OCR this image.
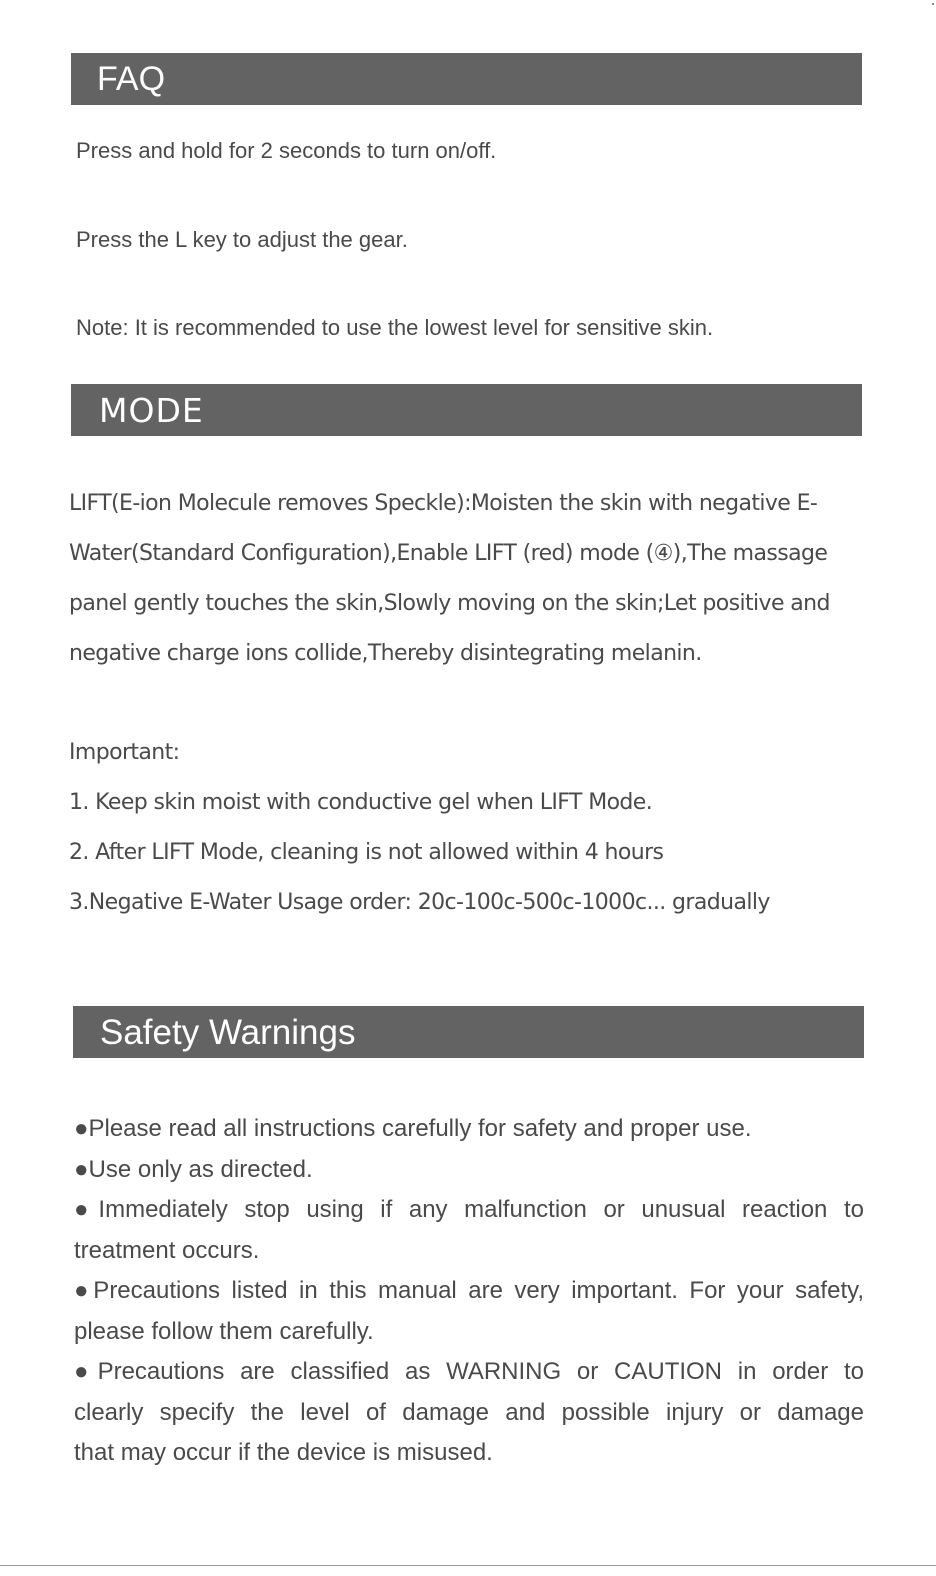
FAQ
Press and hold for 2 seconds to turn on/off.
Press the L key to adjust the gear.
Note: It is recommended to use the lowest level for sensitive skin.
MODE
LIFT(E-ion Molecule removes Speckle):Moisten the skin with negative E-
Water(Standard Configuration),Enable LIFT (red) mode (④),The massage
panel gently touches the skin,Slowly moving on the skin;Let positive and
negative charge ions collide,Thereby disintegrating melanin.
Important:
1. Keep skin moist with conductive gel when LIFT Mode.
2. After LIFT Mode, cleaning is not allowed within 4 hours
3.Negative E-Water Usage order: 20c-100c-500c-1000c... gradually
Safety Warnings
●Please read all instructions carefully for safety and proper use.
●Use only as directed.
●Immediately stop using if any malfunction or unusual reaction to
treatment occurs.
●Precautions listed in this manual are very important. For your safety,
please follow them carefully.
●Precautions are classified as WARNING or CAUTION in order to
clearly specify the level of damage and possible injury or damage
that may occur if the device is misused.
